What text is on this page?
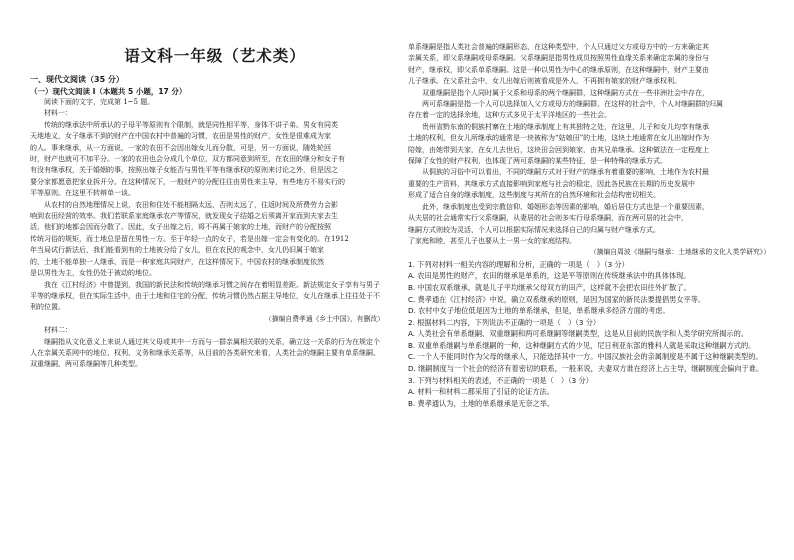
语文科一年级（艺术类）
一、现代文阅读（35 分）
（一）现代文阅读 I（本题共 5 小题，17 分）
阅读下面的文字，完成第 1~5 题。
材料一：
传统的继承法中所承认的子母平等原则有个限制，就是同性相平等，身体不讲子弟。男女有同类
天地地义，女子继承不到的财产在中国农村中普遍的习惯，农田是男性的财产，女性是很难成为家
的人。事来继承，从一方面说，一家的农田不会因出嫁女儿而分散，可是，另一方面说，随姓轮回
时，财产也就可不加平分。一家的农田也会分成几个单位，双方都同意到所至，在农田的继分和女子有
有没有继承权，关于婚姻的事，按照出嫁子女能否与男性平等有继承权的原则来讨论之外，但是因之
要分家都愿意把家业拆开分。在这种情况下，一般财产的分配往往由男性来主导，有些地方不易实行的
平等原则。在这里不转辩单一谈。
从农村的自然地理情况上说，农田和住处不能相隔太远，否则太远了，往返时间及所费劳力会影
响到农田经营的效率。我们若联系家庭继承农产等情况，就发现女子结婚之后须离开家而到夫家去生
活，他们的地都会因而分散了。因此，女子出嫁之后，将不再属于娘家的土地，而财产的分配按照
传统习俗的规矩，而土地总是留在男性一方。至于年轻一点的女子，若是出嫁一定会有变化的。在1912
年当局试行新法后，我们能看到有的土地被分给了女儿，但在农民的观念中，女儿仍旧属于娘家
的，土地不能单独一人继承，而是一种家庭共同财产，在这样情况下，中国农村的继承制度依然
是以男性为主，女性仍处于被动的地位。
我在《江村经济》中曾提到，我国的新民法和传统的继承习惯之间存在着明显差距。新法规定女子享有与男子平等的继承权，但在实际生活中，由于土地和住宅的分配，传统习惯仍然占据主导地位，女儿在继承上往往处于不利的位置。
（摘编自费孝通《乡土中国》，有删改）
材料二：
继嗣指从文化意义上来说人通过其父母或其中一方而与一群亲属相关联的关系，确立这一关系的行为在规定个人在亲属关系网中的地位、权利、义务和继承关系等，从目前的各类研究来看，人类社会的继嗣主要有单系继嗣、双重继嗣、两可系继嗣等几种类型。
单系继嗣是指人类社会普遍的继嗣形态，在这种类型中，个人只通过父方或母方中的一方来确定其
亲属关系，即父系继嗣或母系继嗣。父系继嗣是指男性成员按照男性血缘关系来确定亲属的身份与
财产，继承权，即父系单系继嗣。这是一种以男性为中心的继承原则，在这种继嗣中，财产主要由
儿子继承。在父系社会中，女儿出嫁后则被看成是外人，不再拥有娘家的财产继承权利。
双重继嗣是指个人同时属于父系和母系的两个继嗣群，这种继嗣方式在一些非洲社会中存在，
两可系继嗣是指一个人可以选择加入父方或母方的继嗣群，在这样的社会中，个人对继嗣群的归属
存在着一定的选择余地，这种方式多见于太平洋地区的一些社会。
贵州省黔东南的侗族村寨在土地的继承制度上有其独特之处，在这里，儿子和女儿均享有继承
土地的权利，但女儿所继承的通常是一块被称为“姑娘田”的土地，这块土地通常在女儿出嫁时作为
陪嫁，由她带到夫家，在女儿去世后，这块田会回到娘家，由其兄弟继承。这种做法在一定程度上
保障了女性的财产权利，也体现了两可系继嗣的某些特征，是一种特殊的继承方式。
从侗族的习俗中可以看出，不同的继嗣方式对于财产的继承有着重要的影响，土地作为农村最
重要的生产资料，其继承方式直接影响到家庭与社会的稳定，因此各民族在长期的历史发展中
形成了适合自身的继承制度，这些制度与其所在的自然环境和社会结构密切相关。
此外，继承制度也受到宗教信仰、婚姻形态等因素的影响，婚后居住方式也是一个重要因素，
从夫居的社会通常实行父系继嗣，从妻居的社会则多实行母系继嗣，而在两可居的社会中，
继嗣方式则较为灵活，个人可以根据实际情况来选择自己的归属与财产继承方式。
了家庭和睦，甚至儿子也要从土一男一女的家庭结构。
（摘编自周波《继嗣与继承：土地继承的文化人类学研究》）
1. 下列对材料一相关内容的理解和分析，正确的一项是（　）（3 分）
A. 农田是男性的财产，农田的继承是单系的，这是平等原则在传统继承法中的具体体现。
B. 中国农双系继承，就是儿子平均继承父母双方的田产，这样就不会把农田往外扩散了。
C. 费孝通在《江村经济》中说，确立双系继承的原则，是因为国家的新民法要提倡男女平等。
D. 农村中女子地位低是因为土地的单系继承，但是，单系继承多经济方面的考虑。
2. 根据材料二内容，下列说法不正确的一项是（　）（3 分）
A. 人类社会有单系继嗣、双重继嗣和两可系继嗣等继嗣类型，这是从目前的民族学和人类学研究所揭示的。
B. 双重单系继嗣与单系继嗣的一种，这种继嗣方式的少见，尼日利亚东部的雅科人就是采取这种继嗣方式的。
C. 一个人不能同时作为父母的继承人，只能选择其中一方。中国汉族社会的亲属制度是不属于这种继嗣类型的。
D. 继嗣制度与一个社会的经济有着密切的联系，一般来说，夫妻双方谁在经济上占主导，继嗣制度会偏向于谁。
3. 下列与材料相关的表述，不正确的一项是（　）（3 分）
A. 材料一和材料二都采用了引证的论证方法。
B. 费孝通认为，土地的单系继承是无奈之举。
